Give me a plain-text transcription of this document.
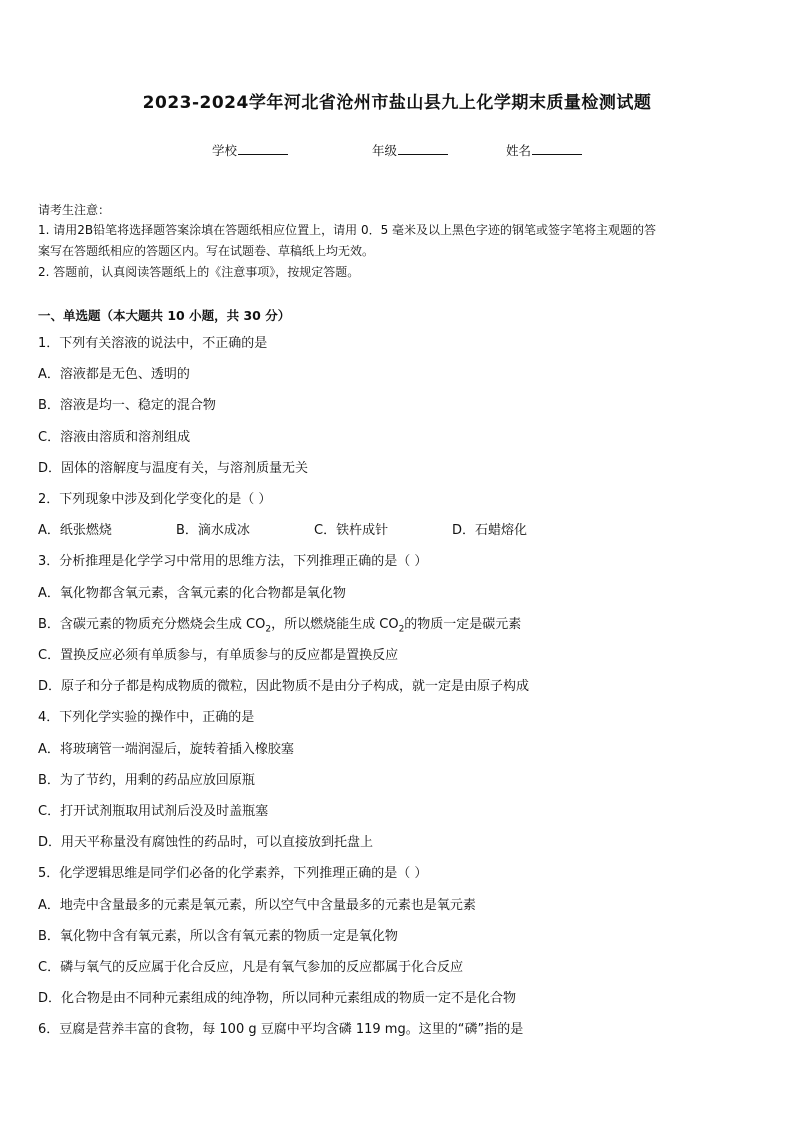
2023-2024学年河北省沧州市盐山县九上化学期末质量检测试题
学校	年级	姓名
请考生注意：
1. 请用2B铅笔将选择题答案涂填在答题纸相应位置上，请用 0．5 毫米及以上黑色字迹的钢笔或签字笔将主观题的答
案写在答题纸相应的答题区内。写在试题卷、草稿纸上均无效。
2. 答题前，认真阅读答题纸上的《注意事项》，按规定答题。
一、单选题（本大题共 10 小题，共 30 分）
1．下列有关溶液的说法中，不正确的是
A．溶液都是无色、透明的
B．溶液是均一、稳定的混合物
C．溶液由溶质和溶剂组成
D．固体的溶解度与温度有关，与溶剂质量无关
2．下列现象中涉及到化学变化的是（ ）
A．纸张燃烧	B．滴水成冰	C．铁杵成针	D．石蜡熔化
3．分析推理是化学学习中常用的思维方法，下列推理正确的是（ ）
A．氧化物都含氧元素，含氧元素的化合物都是氧化物
B．含碳元素的物质充分燃烧会生成 $CO_2$，所以燃烧能生成 $CO_2$的物质一定是碳元素
C．置换反应必须有单质参与，有单质参与的反应都是置换反应
D．原子和分子都是构成物质的微粒，因此物质不是由分子构成，就一定是由原子构成
4．下列化学实验的操作中，正确的是
A．将玻璃管一端润湿后，旋转着插入橡胶塞
B．为了节约，用剩的药品应放回原瓶
C．打开试剂瓶取用试剂后没及时盖瓶塞
D．用天平称量没有腐蚀性的药品时，可以直接放到托盘上
5．化学逻辑思维是同学们必备的化学素养，下列推理正确的是（ ）
A．地壳中含量最多的元素是氧元素，所以空气中含量最多的元素也是氧元素
B．氧化物中含有氧元素，所以含有氧元素的物质一定是氧化物
C．磷与氧气的反应属于化合反应，凡是有氧气参加的反应都属于化合反应
D．化合物是由不同种元素组成的纯净物，所以同种元素组成的物质一定不是化合物
6．豆腐是营养丰富的食物，每 100 g 豆腐中平均含磷 119 mg。这里的“磷”指的是
